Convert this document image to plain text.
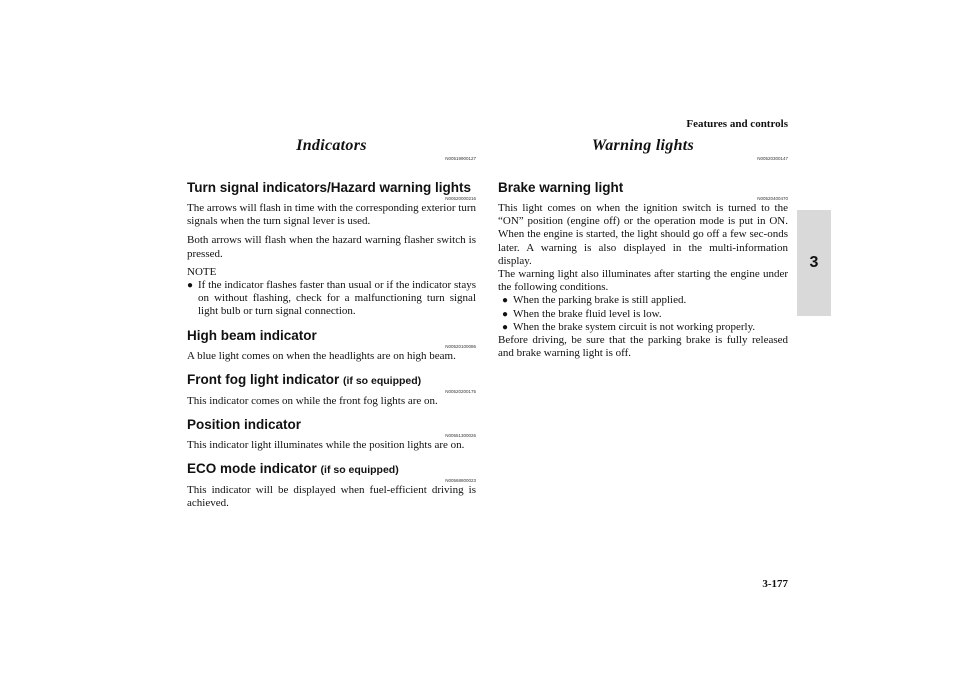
Features and controls
3
Indicators
N00519900127
Turn signal indicators/Hazard warning lights
N00520000216

The arrows will flash in time with the corresponding exterior turn signals when the turn signal lever is used.

Both arrows will flash when the hazard warning flasher switch is pressed.

NOTE

● If the indicator flashes faster than usual or if the indicator stays on without flashing, check for a malfunctioning turn signal light bulb or turn signal connection.
High beam indicator
N00520100086

A blue light comes on when the headlights are on high beam.

Front fog light indicator (if so equipped)
N00520200175

This indicator comes on while the front fog lights are on.

Position indicator
N00551300026

This indicator light illuminates while the position lights are on.

ECO mode indicator (if so equipped)
N00568800023

This indicator will be displayed when fuel-efficient driving is achieved.

Warning lights
N00520300147
Brake warning light
N00520400470

This light comes on when the ignition switch is turned to the “ON” position (engine off) or the operation mode is put in ON. When the engine is started, the light should go off a few sec-onds later. A warning is also displayed in the multi-information display.

The warning light also illuminates after starting the engine under the following conditions.

● When the parking brake is still applied.
● When the brake fluid level is low.
● When the brake system circuit is not working properly.

Before driving, be sure that the parking brake is fully released and brake warning light is off.

3-177
